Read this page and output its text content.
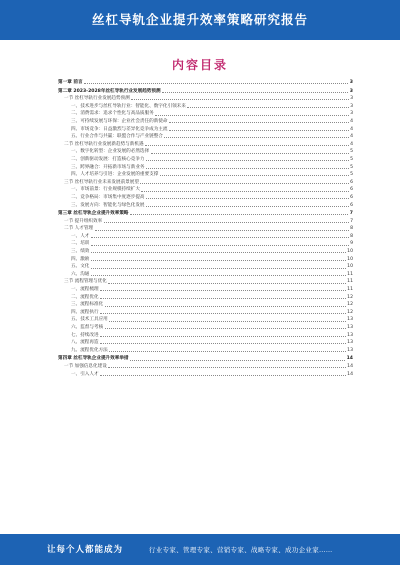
丝杠导轨企业提升效率策略研究报告
内容目录
第一章 前言	3
第二章 2023-2028年丝杠导轨行业发展趋势预测	3
一节 丝杠导轨行业发展趋势预测	3
一、技术进步与丝杠导轨行业：智能化、数字化引领未来	3
二、消费需求：追求个性化与高品质服务	3
三、可持续发展与环保：企业社会责任的新使命	4
四、市场竞争：日益激烈与差异化竞争成为主流	4
五、行业合作与共赢：联盟合作与产业链整合	4
二节 丝杠导轨行业发展新趋势与新机遇	4
一、数字化转型：企业发展的必然选择	5
二、创新驱动发展：打造核心竞争力	5
三、跨界融合：开拓新市场与新业务	5
四、人才培养与引进：企业发展的重要支撑	5
三节 丝杠导轨行业未来发展前景展望	6
一、市场前景：行业规模持续扩大	6
二、竞争格局：市场集中度逐步提高	6
三、发展方向：智能化与绿色化发展	6
第三章 丝杠导轨企业提升效率策略	7
一节 提升组织效率	7
二节 人才管理	8
一、人才	8
二、培训	9
三、绩效	10
四、激励	10
五、文化	10
六、沟通	11
三节 流程管理与优化	11
一、流程梳理	11
二、流程优化	12
三、流程标准化	12
四、流程执行	12
五、技术工具应用	13
六、监督与考核	13
七、持续改进	13
八、流程再造	13
九、流程优化方法	13
第四章 丝杠导轨企业提升效率举措	14
一节 加强信息化建设	14
一、引入人才	14
让每个人都能成为	行业专家、管理专家、营销专家、战略专家、成功企业家……
